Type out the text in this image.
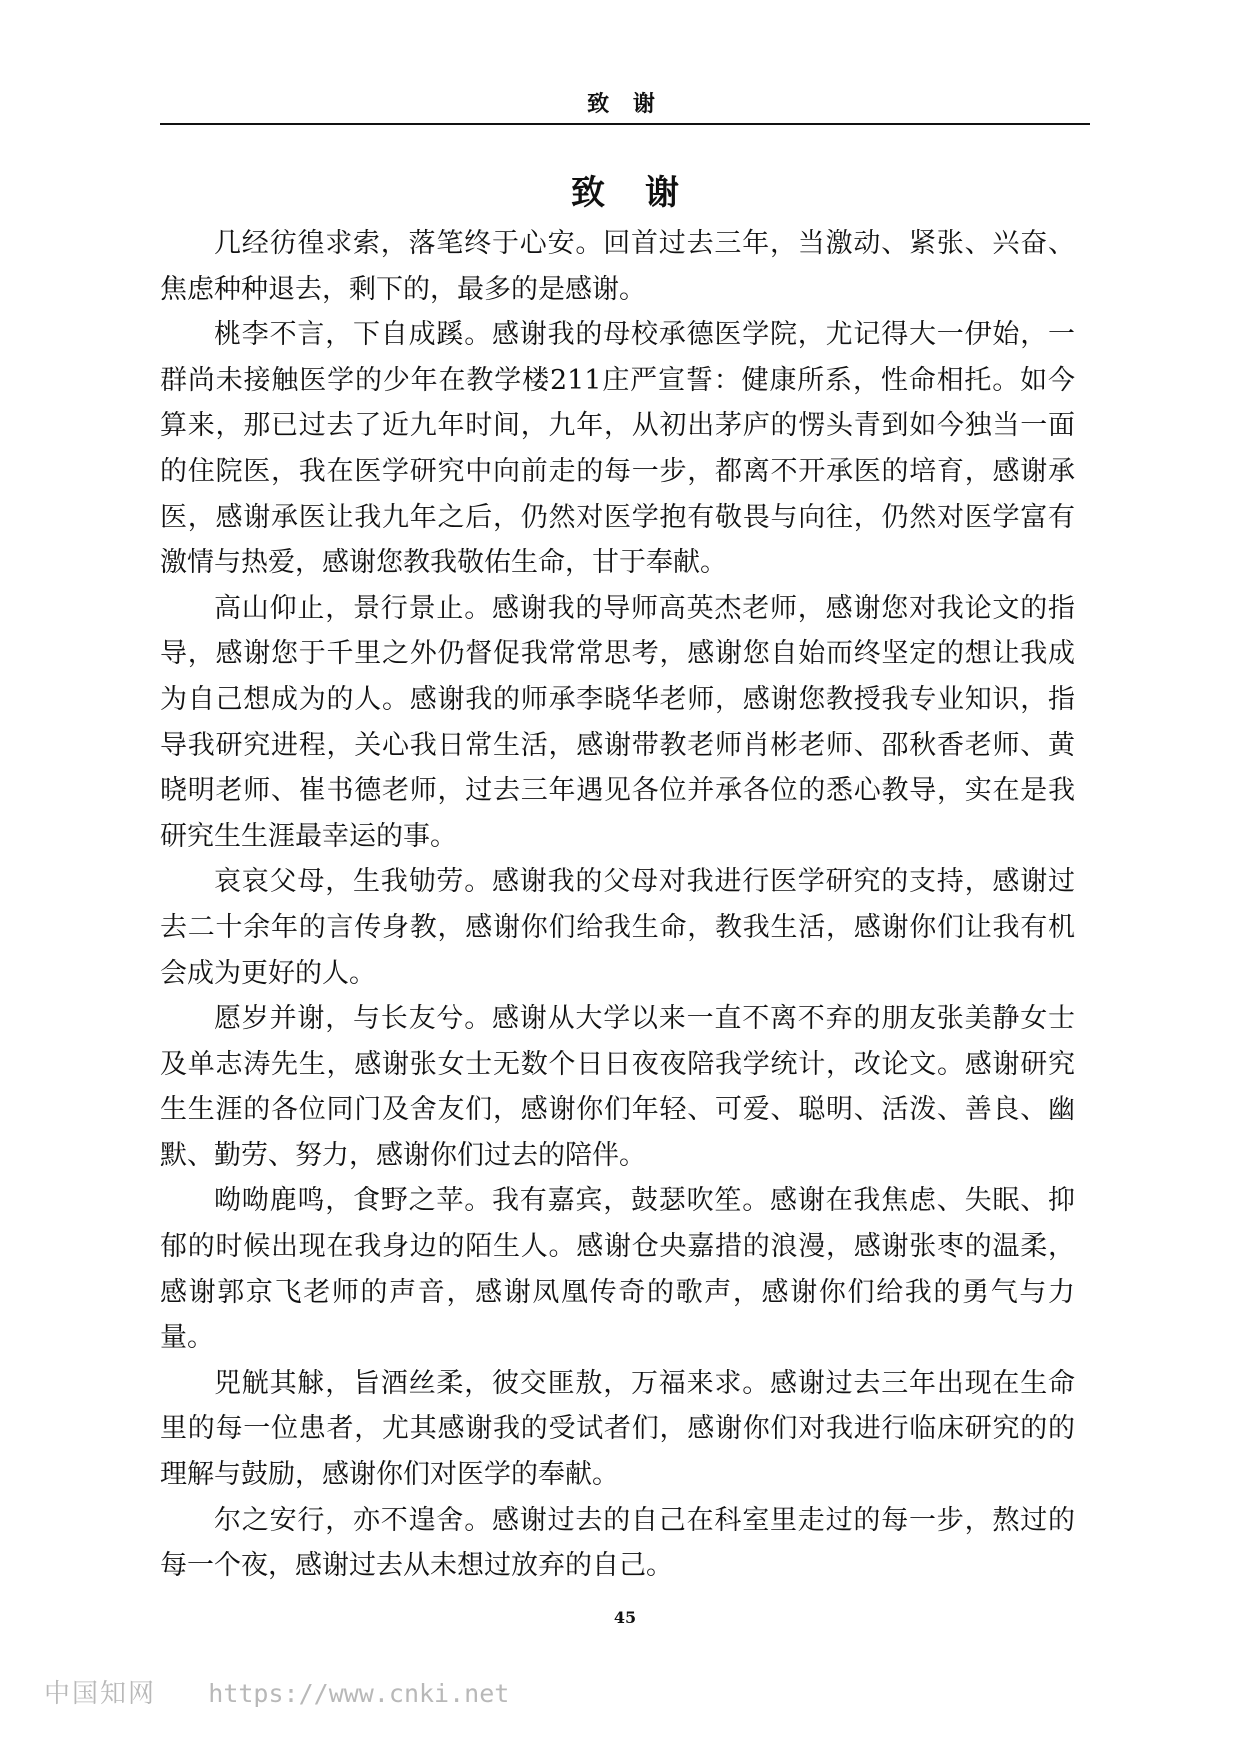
致 谢
致谢

几经彷徨求索，落笔终于心安。回首过去三年，当激动、紧张、兴奋、焦虑种种退去，剩下的，最多的是感谢。

桃李不言，下自成蹊。感谢我的母校承德医学院，尤记得大一伊始，一群尚未接触医学的少年在教学楼211庄严宣誓：健康所系，性命相托。如今算来，那已过去了近九年时间，九年，从初出茅庐的愣头青到如今独当一面的住院医，我在医学研究中向前走的每一步，都离不开承医的培育，感谢承医，感谢承医让我九年之后，仍然对医学抱有敬畏与向往，仍然对医学富有激情与热爱，感谢您教我敬佑生命，甘于奉献。

高山仰止，景行景止。感谢我的导师高英杰老师，感谢您对我论文的指导，感谢您于千里之外仍督促我常常思考，感谢您自始而终坚定的想让我成为自己想成为的人。感谢我的师承李晓华老师，感谢您教授我专业知识，指导我研究进程，关心我日常生活，感谢带教老师肖彬老师、邵秋香老师、黄晓明老师、崔书德老师，过去三年遇见各位并承各位的悉心教导，实在是我研究生生涯最幸运的事。

哀哀父母，生我劬劳。感谢我的父母对我进行医学研究的支持，感谢过去二十余年的言传身教，感谢你们给我生命，教我生活，感谢你们让我有机会成为更好的人。

愿岁并谢，与长友兮。感谢从大学以来一直不离不弃的朋友张美静女士及单志涛先生，感谢张女士无数个日日夜夜陪我学统计，改论文。感谢研究生生涯的各位同门及舍友们，感谢你们年轻、可爱、聪明、活泼、善良、幽默、勤劳、努力，感谢你们过去的陪伴。

呦呦鹿鸣，食野之苹。我有嘉宾，鼓瑟吹笙。感谢在我焦虑、失眠、抑郁的时候出现在我身边的陌生人。感谢仓央嘉措的浪漫，感谢张枣的温柔，感谢郭京飞老师的声音，感谢凤凰传奇的歌声，感谢你们给我的勇气与力量。

兕觥其觩，旨酒丝柔，彼交匪敖，万福来求。感谢过去三年出现在生命里的每一位患者，尤其感谢我的受试者们，感谢你们对我进行临床研究的的理解与鼓励，感谢你们对医学的奉献。

尔之安行，亦不遑舍。感谢过去的自己在科室里走过的每一步，熬过的每一个夜，感谢过去从未想过放弃的自己。

45
中国知网 https://www.cnki.net
